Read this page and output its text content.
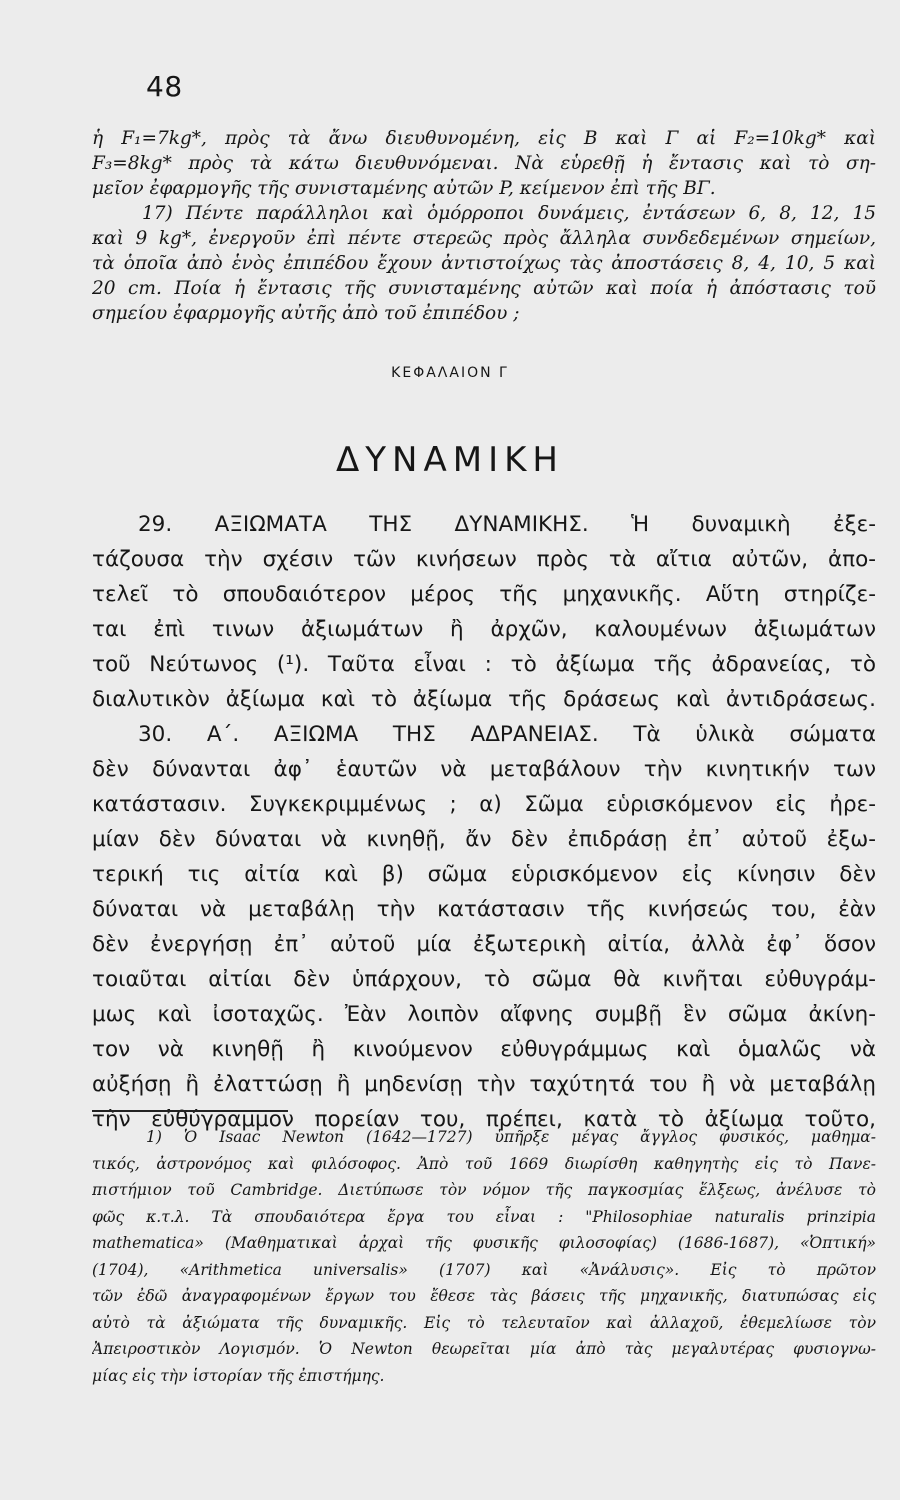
48
ἡ F₁=7kg*, πρὸς τὰ ἄνω διευθυνομένη, εἰς Β καὶ Γ αἱ F₂=10kg* καὶ
F₃=8kg* πρὸς τὰ κάτω διευθυνόμεναι. Νὰ εὑρεθῇ ἡ ἔντασις καὶ τὸ ση-
μεῖον ἐφαρμογῆς τῆς συνισταμένης αὐτῶν P, κείμενον ἐπὶ τῆς ΒΓ.
17) Πέντε παράλληλοι καὶ ὁμόρροποι δυνάμεις, ἐντάσεων 6, 8, 12, 15
καὶ 9 kg*, ἐνεργοῦν ἐπὶ πέντε στερεῶς πρὸς ἄλληλα συνδεδεμένων σημείων,
τὰ ὁποῖα ἀπὸ ἑνὸς ἐπιπέδου ἔχουν ἀντιστοίχως τὰς ἀποστάσεις 8, 4, 10, 5 καὶ
20 cm. Ποία ἡ ἔντασις τῆς συνισταμένης αὐτῶν καὶ ποία ἡ ἀπόστασις τοῦ
σημείου ἐφαρμογῆς αὐτῆς ἀπὸ τοῦ ἐπιπέδου ;
ΚΕΦΑΛΑΙΟΝ Γ
ΔΥΝΑΜΙΚΗ
29. ΑΞΙΩΜΑΤΑ ΤΗΣ ΔΥΝΑΜΙΚΗΣ. Ἡ δυναμικὴ ἐξε-
τάζουσα τὴν σχέσιν τῶν κινήσεων πρὸς τὰ αἴτια αὐτῶν, ἀπο-
τελεῖ τὸ σπουδαιότερον μέρος τῆς μηχανικῆς. Αὕτη στηρίζε-
ται ἐπὶ τινων ἀξιωμάτων ἢ ἀρχῶν, καλουμένων ἀξιωμάτων
τοῦ Νεύτωνος (¹). Ταῦτα εἶναι : τὸ ἀξίωμα τῆς ἀδρανείας, τὸ
διαλυτικὸν ἀξίωμα καὶ τὸ ἀξίωμα τῆς δράσεως καὶ ἀντιδράσεως.
30. Α΄. ΑΞΙΩΜΑ ΤΗΣ ΑΔΡΑΝΕΙΑΣ. Τὰ ὑλικὰ σώματα
δὲν δύνανται ἀφ᾿ ἑαυτῶν νὰ μεταβάλουν τὴν κινητικήν των
κατάστασιν. Συγκεκριμμένως ; α) Σῶμα εὑρισκόμενον εἰς ἠρε-
μίαν δὲν δύναται νὰ κινηθῇ, ἄν δὲν ἐπιδράσῃ ἐπ᾿ αὐτοῦ ἐξω-
τερική τις αἰτία καὶ β) σῶμα εὑρισκόμενον εἰς κίνησιν δὲν
δύναται νὰ μεταβάλῃ τὴν κατάστασιν τῆς κινήσεώς του, ἐὰν
δὲν ἐνεργήσῃ ἐπ᾿ αὐτοῦ μία ἐξωτερικὴ αἰτία, ἀλλὰ ἐφ᾿ ὅσον
τοιαῦται αἰτίαι δὲν ὑπάρχουν, τὸ σῶμα θὰ κινῆται εὐθυγράμ-
μως καὶ ἰσοταχῶς. Ἐὰν λοιπὸν αἴφνης συμβῇ ἓν σῶμα ἀκίνη-
τον νὰ κινηθῇ ἢ κινούμενον εὐθυγράμμως καὶ ὁμαλῶς νὰ
αὐξήσῃ ἢ ἐλαττώσῃ ἢ μηδενίσῃ τὴν ταχύτητά του ἢ νὰ μεταβάλῃ
τὴν εὐθύγραμμον πορείαν του, πρέπει, κατὰ τὸ ἀξίωμα τοῦτο,
1) Ὁ Isaac Newton (1642—1727) ὑπῆρξε μέγας ἄγγλος φυσικός, μαθημα-
τικός, ἀστρονόμος καὶ φιλόσοφος. Ἀπὸ τοῦ 1669 διωρίσθη καθηγητὴς εἰς τὸ Πανε-
πιστήμιον τοῦ Cambridge. Διετύπωσε τὸν νόμον τῆς παγκοσμίας ἕλξεως, ἀνέλυσε τὸ
φῶς κ.τ.λ. Τὰ σπουδαιότερα ἔργα του εἶναι : "Philosophiae naturalis prinzipia
mathematica» (Μαθηματικαὶ ἀρχαὶ τῆς φυσικῆς φιλοσοφίας) (1686-1687), «Ὀπτική»
(1704), «Arithmetica universalis» (1707) καὶ «Ἀνάλυσις». Εἰς τὸ πρῶτον
τῶν ἐδῶ ἀναγραφομένων ἔργων του ἔθεσε τὰς βάσεις τῆς μηχανικῆς, διατυπώσας εἰς
αὐτὸ τὰ ἀξιώματα τῆς δυναμικῆς. Εἰς τὸ τελευταῖον καὶ ἀλλαχοῦ, ἐθεμελίωσε τὸν
Ἀπειροστικὸν Λογισμόν. Ὁ Newton θεωρεῖται μία ἀπὸ τὰς μεγαλυτέρας φυσιογνω-
μίας εἰς τὴν ἱστορίαν τῆς ἐπιστήμης.
